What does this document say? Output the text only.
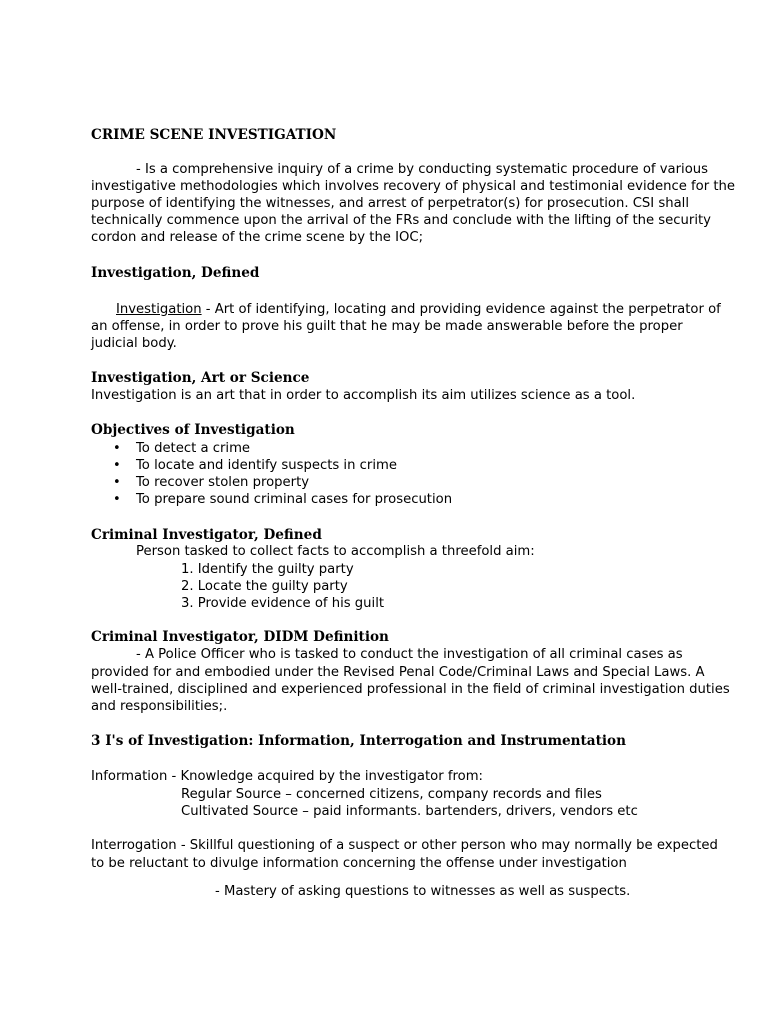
CRIME SCENE INVESTIGATION
- Is a comprehensive inquiry of a crime by conducting systematic procedure of various
investigative methodologies which involves recovery of physical and testimonial evidence for the
purpose of identifying the witnesses, and arrest of perpetrator(s) for prosecution. CSI shall
technically commence upon the arrival of the FRs and conclude with the lifting of the security
cordon and release of the crime scene by the IOC;
Investigation, Defined
Investigation - Art of identifying, locating and providing evidence against the perpetrator of
an offense, in order to prove his guilt that he may be made answerable before the proper
judicial body.
Investigation, Art or Science
Investigation is an art that in order to accomplish its aim utilizes science as a tool.
Objectives of Investigation
• To detect a crime
• To locate and identify suspects in crime
• To recover stolen property
• To prepare sound criminal cases for prosecution
Criminal Investigator, Defined
Person tasked to collect facts to accomplish a threefold aim:
1. Identify the guilty party
2. Locate the guilty party
3. Provide evidence of his guilt
Criminal Investigator, DIDM Definition
- A Police Officer who is tasked to conduct the investigation of all criminal cases as
provided for and embodied under the Revised Penal Code/Criminal Laws and Special Laws. A
well-trained, disciplined and experienced professional in the field of criminal investigation duties
and responsibilities;.
3 I's of Investigation: Information, Interrogation and Instrumentation
Information - Knowledge acquired by the investigator from:
Regular Source – concerned citizens, company records and files
Cultivated Source – paid informants. bartenders, drivers, vendors etc
Interrogation - Skillful questioning of a suspect or other person who may normally be expected
to be reluctant to divulge information concerning the offense under investigation
- Mastery of asking questions to witnesses as well as suspects.
